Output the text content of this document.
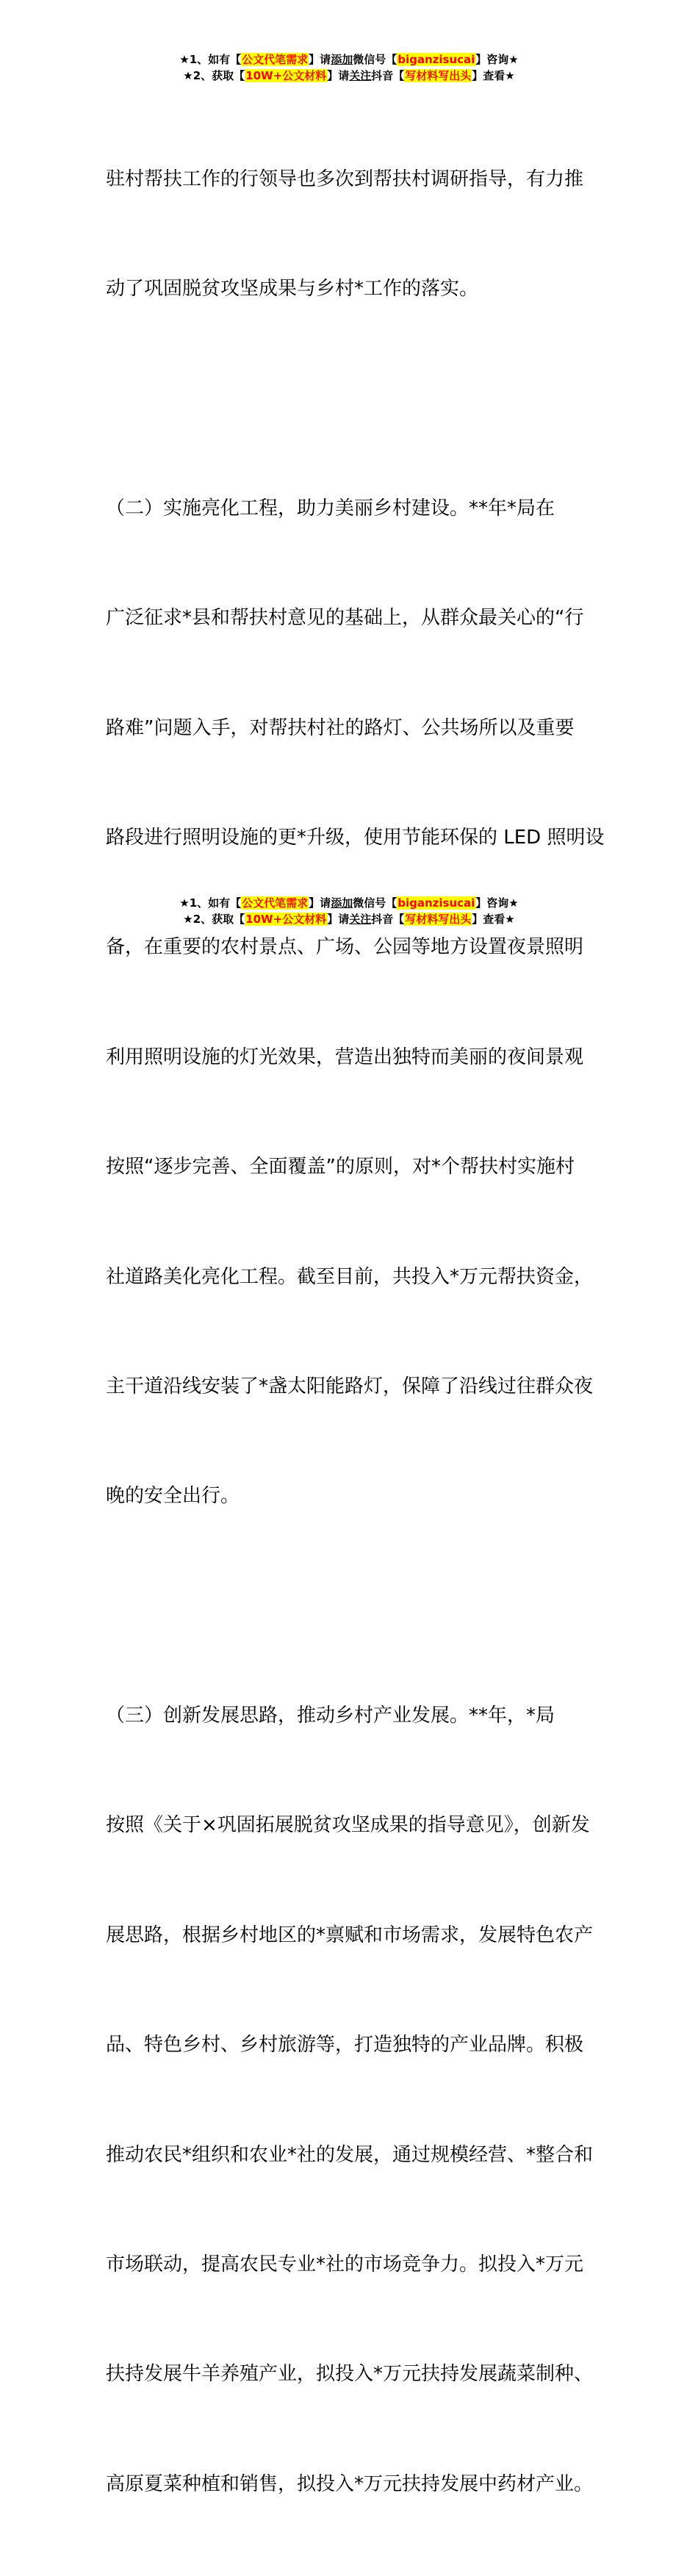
★1、如有【公文代笔需求】请添加微信号【biganzisucai】咨询★
★2、获取【10W+公文材料】请关注抖音【写材料写出头】查看★

驻村帮扶工作的行领导也多次到帮扶村调研指导，有力推

动了巩固脱贫攻坚成果与乡村*工作的落实。

（二）实施亮化工程，助力美丽乡村建设。**年*局在

广泛征求*县和帮扶村意见的基础上，从群众最关心的“行

路难”问题入手，对帮扶村社的路灯、公共场所以及重要

路段进行照明设施的更*升级，使用节能环保的 LED 照明设

备，在重要的农村景点、广场、公园等地方设置夜景照明

利用照明设施的灯光效果，营造出独特而美丽的夜间景观

按照“逐步完善、全面覆盖”的原则，对*个帮扶村实施村

社道路美化亮化工程。截至目前，共投入*万元帮扶资金，

主干道沿线安装了*盏太阳能路灯，保障了沿线过往群众夜

晚的安全出行。

（三）创新发展思路，推动乡村产业发展。**年，*局

按照《关于×巩固拓展脱贫攻坚成果的指导意见》，创新发

展思路，根据乡村地区的*禀赋和市场需求，发展特色农产

品、特色乡村、乡村旅游等，打造独特的产业品牌。积极

推动农民*组织和农业*社的发展，通过规模经营、*整合和

市场联动，提高农民专业*社的市场竞争力。拟投入*万元

扶持发展牛羊养殖产业，拟投入*万元扶持发展蔬菜制种、

高原夏菜种植和销售，拟投入*万元扶持发展中药材产业。

★1、如有【公文代笔需求】请添加微信号【biganzisucai】咨询★
★2、获取【10W+公文材料】请关注抖音【写材料写出头】查看★
